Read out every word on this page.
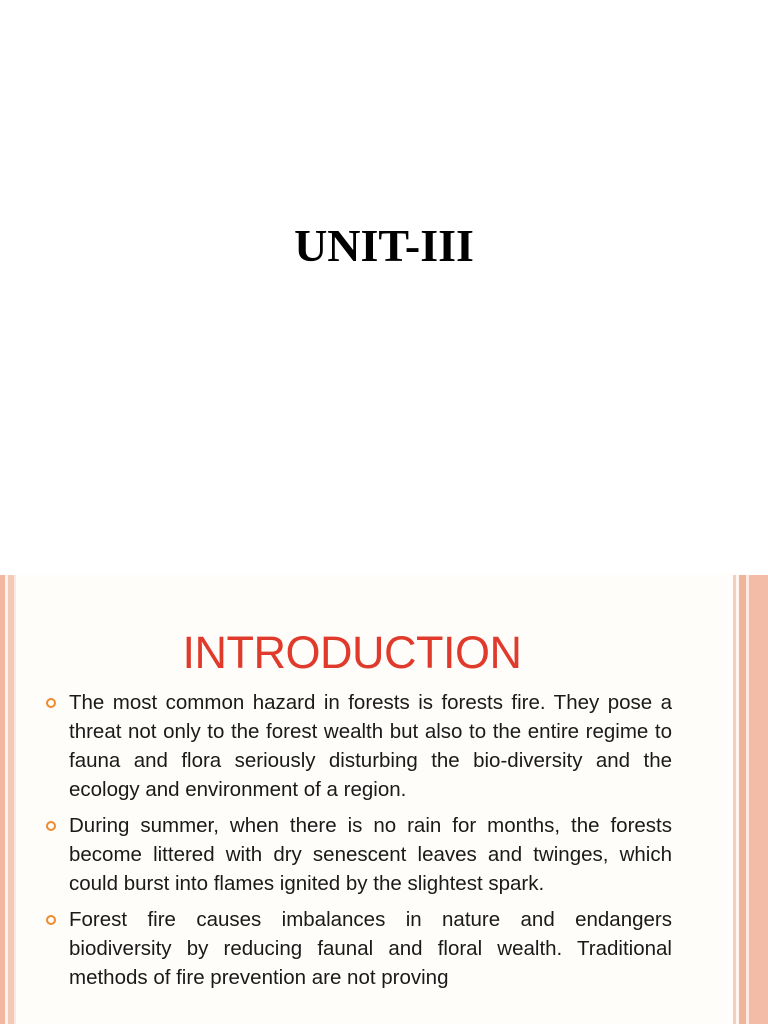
UNIT-III
INTRODUCTION
The most common hazard in forests is forests fire. They pose a threat not only to the forest wealth but also to the entire regime to fauna and flora seriously disturbing the bio-diversity and the ecology and environment of a region.
During summer, when there is no rain for months, the forests become littered with dry senescent leaves and twinges, which could burst into flames ignited by the slightest spark.
Forest fire causes imbalances in nature and endangers biodiversity by reducing faunal and floral wealth. Traditional methods of fire prevention are not proving
